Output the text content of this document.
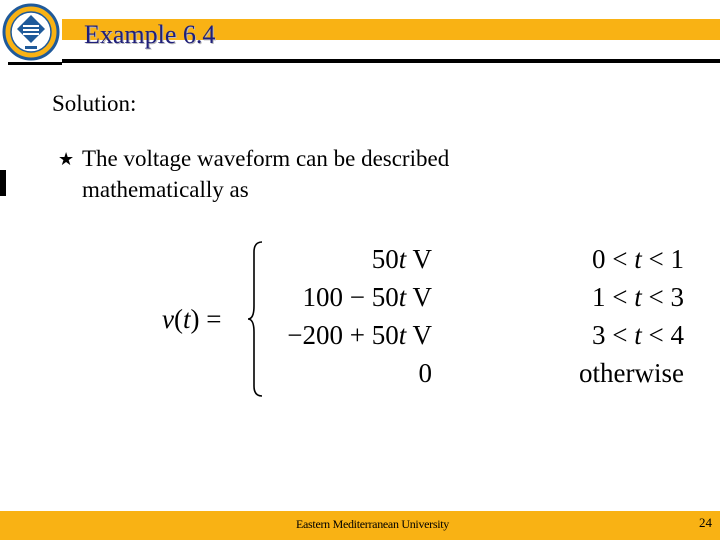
Example 6.4
Solution:
★ The voltage waveform can be described
mathematically as
v(t) =
50t V	0 < t < 1
100 − 50t V	1 < t < 3
−200 + 50t V	3 < t < 4
0	otherwise
Eastern Mediterranean University	24
